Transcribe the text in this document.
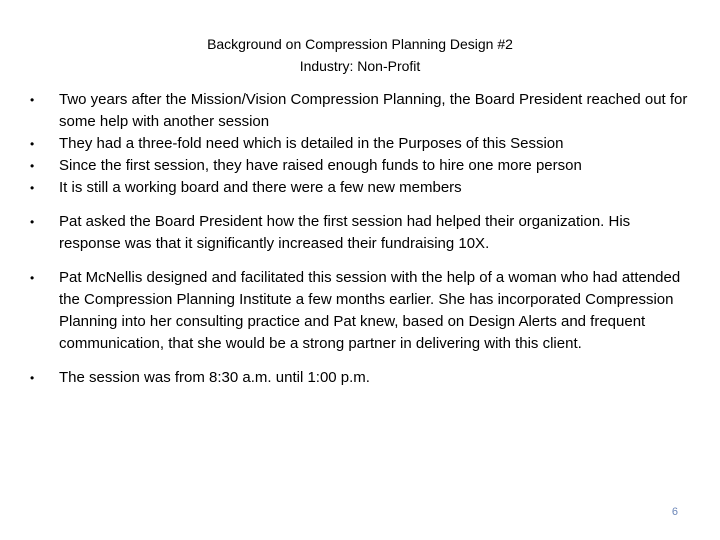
Background on Compression Planning Design #2
Industry: Non-Profit
•	Two years after the Mission/Vision Compression Planning, the Board President reached out for some help with another session
•	They had a three-fold need which is detailed in the Purposes of this Session
•	Since the first session, they have raised enough funds to hire one more person
•	It is still a working board and there were a few new members
•	Pat asked the Board President how the first session had helped their organization. His response was that it significantly increased their fundraising 10X.
•	Pat McNellis designed and facilitated this session with the help of a woman who had attended the Compression Planning Institute a few months earlier. She has incorporated Compression Planning into her consulting practice and Pat knew, based on Design Alerts and frequent communication, that she would be a strong partner in delivering with this client.
•	The session was from 8:30 a.m. until 1:00 p.m.
6
